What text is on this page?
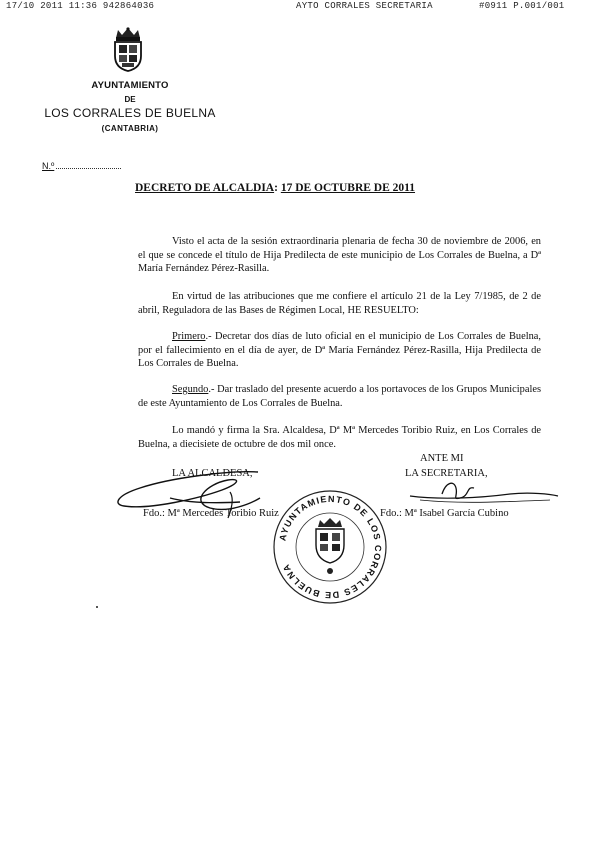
17/10 2011 11:36 942864036	AYTO CORRALES SECRETARIA	#0911 P.001/001
AYUNTAMIENTO
DE
LOS CORRALES DE BUELNA
(CANTABRIA)
N.º
DECRETO DE ALCALDIA: 17 DE OCTUBRE DE 2011
Visto el acta de la sesión extraordinaria plenaria de fecha 30 de noviembre de 2006, en el que se concede el título de Hija Predilecta de este municipio de Los Corrales de Buelna, a Dª María Fernández Pérez-Rasilla.
En virtud de las atribuciones que me confiere el artículo 21 de la Ley 7/1985, de 2 de abril, Reguladora de las Bases de Régimen Local, HE RESUELTO:
Primero.- Decretar dos días de luto oficial en el municipio de Los Corrales de Buelna, por el fallecimiento en el día de ayer, de Dª María Fernández Pérez-Rasilla, Hija Predilecta de Los Corrales de Buelna.
Segundo.- Dar traslado del presente acuerdo a los portavoces de los Grupos Municipales de este Ayuntamiento de Los Corrales de Buelna.
Lo mandó y firma la Sra. Alcaldesa, Dª Mª Mercedes Toribio Ruiz, en Los Corrales de Buelna, a diecisiete de octubre de dos mil once.
ANTE MI
LA ALCALDESA,	LA SECRETARIA,
Fdo.: Mª Mercedes Toribio Ruiz	Fdo.: Mª Isabel García Cubino
AYUNTAMIENTO DE LOS CORRALES DE BUELNA
